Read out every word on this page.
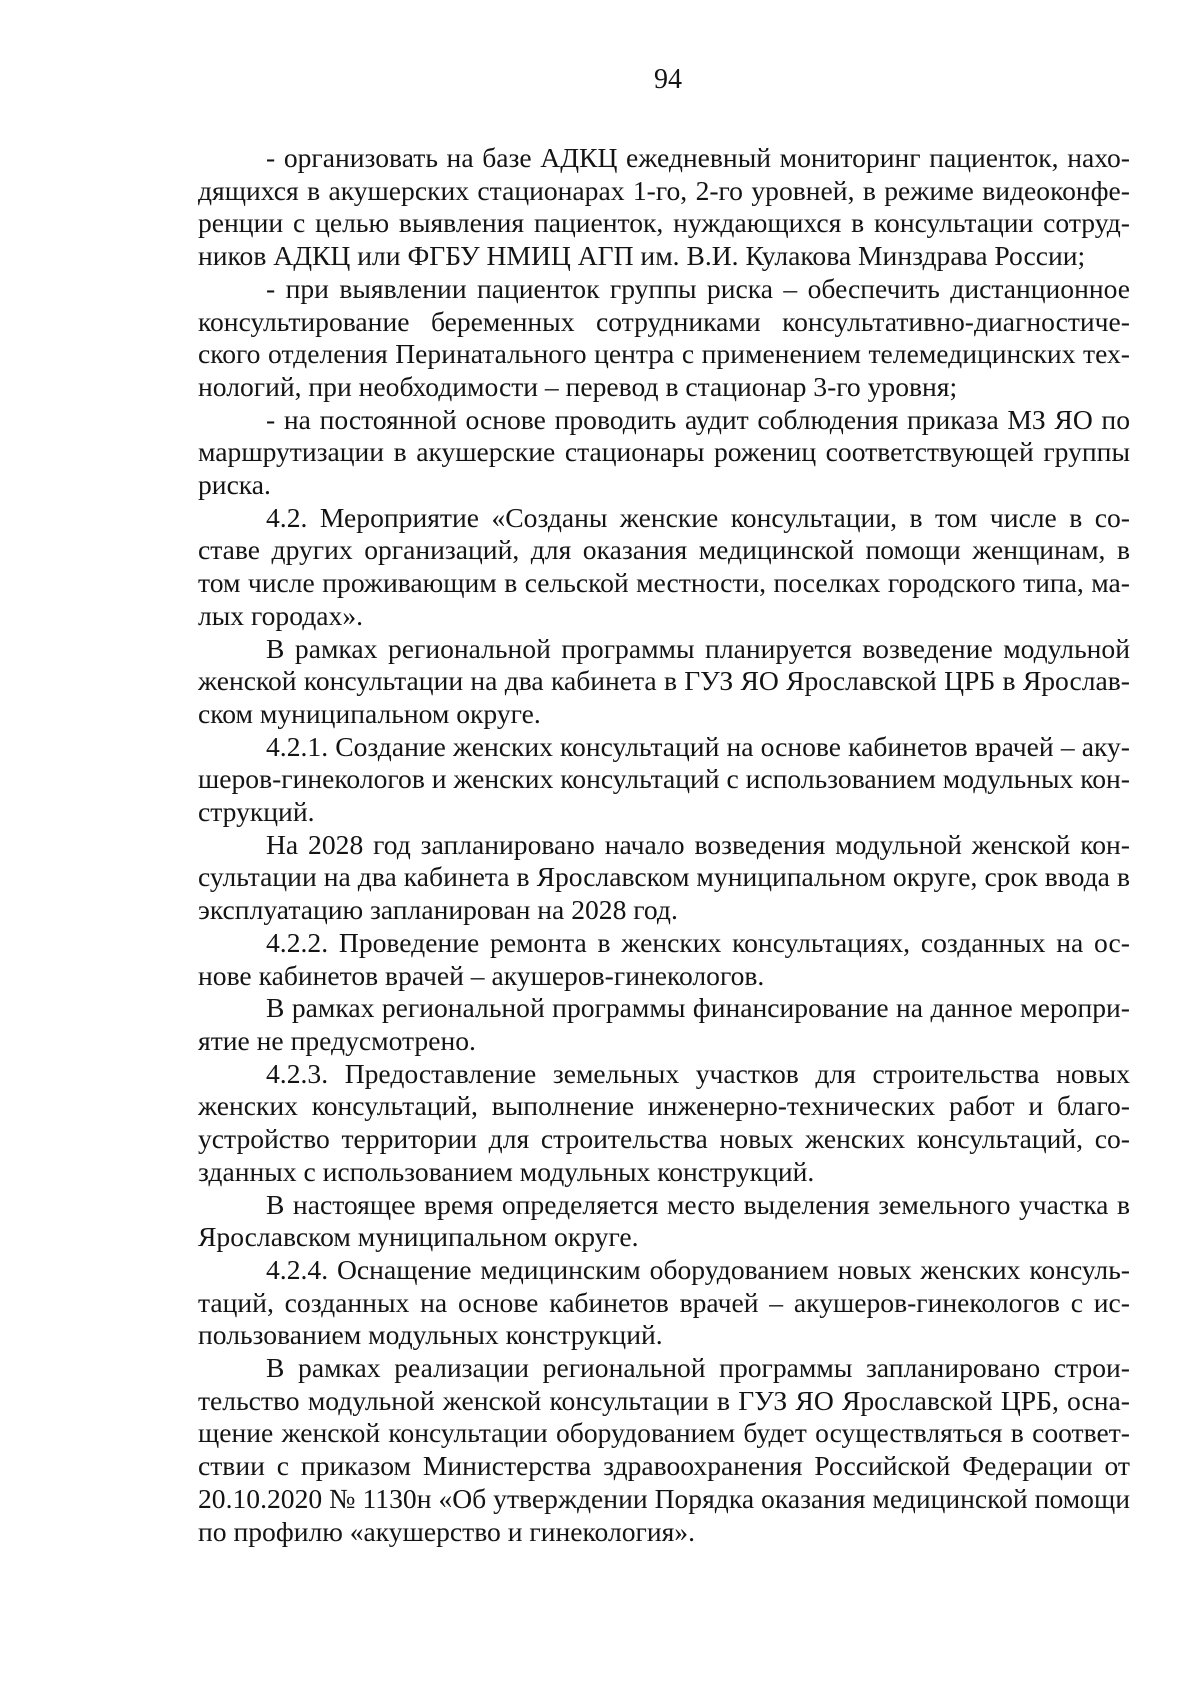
94

- организовать на базе АДКЦ ежедневный мониторинг пациенток, находящихся в акушерских стационарах 1-го, 2-го уровней, в режиме видеоконференции с целью выявления пациенток, нуждающихся в консультации сотрудников АДКЦ или ФГБУ НМИЦ АГП им. В.И. Кулакова Минздрава России;

- при выявлении пациенток группы риска – обеспечить дистанционное консультирование беременных сотрудниками консультативно-диагностического отделения Перинатального центра с применением телемедицинских технологий, при необходимости – перевод в стационар 3-го уровня;

- на постоянной основе проводить аудит соблюдения приказа МЗ ЯО по маршрутизации в акушерские стационары рожениц соответствующей группы риска.

4.2. Мероприятие «Созданы женские консультации, в том числе в составе других организаций, для оказания медицинской помощи женщинам, в том числе проживающим в сельской местности, поселках городского типа, малых городах».

В рамках региональной программы планируется возведение модульной женской консультации на два кабинета в ГУЗ ЯО Ярославской ЦРБ в Ярославском муниципальном округе.

4.2.1. Создание женских консультаций на основе кабинетов врачей – акушеров-гинекологов и женских консультаций с использованием модульных конструкций.

На 2028 год запланировано начало возведения модульной женской консультации на два кабинета в Ярославском муниципальном округе, срок ввода в эксплуатацию запланирован на 2028 год.

4.2.2. Проведение ремонта в женских консультациях, созданных на основе кабинетов врачей – акушеров-гинекологов.

В рамках региональной программы финансирование на данное мероприятие не предусмотрено.

4.2.3. Предоставление земельных участков для строительства новых женских консультаций, выполнение инженерно-технических работ и благоустройство территории для строительства новых женских консультаций, созданных с использованием модульных конструкций.

В настоящее время определяется место выделения земельного участка в Ярославском муниципальном округе.

4.2.4. Оснащение медицинским оборудованием новых женских консультаций, созданных на основе кабинетов врачей – акушеров-гинекологов с использованием модульных конструкций.

В рамках реализации региональной программы запланировано строительство модульной женской консультации в ГУЗ ЯО Ярославской ЦРБ, оснащение женской консультации оборудованием будет осуществляться в соответствии с приказом Министерства здравоохранения Российской Федерации от 20.10.2020 № 1130н «Об утверждении Порядка оказания медицинской помощи по профилю «акушерство и гинекология».
